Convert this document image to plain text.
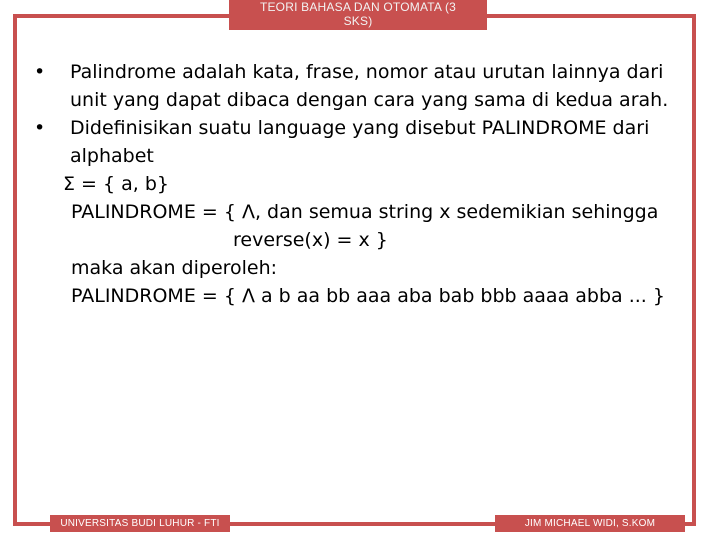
TEORI BAHASA DAN OTOMATA (3 SKS)
•	Palindrome adalah kata, frase, nomor atau urutan lainnya dari
unit yang dapat dibaca dengan cara yang sama di kedua arah.
•	Didefinisikan suatu language yang disebut PALINDROME dari
alphabet
Σ = { a, b}
PALINDROME = { Λ, dan semua string x sedemikian sehingga
reverse(x) = x }
maka akan diperoleh:
PALINDROME = { Λ a b aa bb aaa aba bab bbb aaaa abba ... }
UNIVERSITAS BUDI LUHUR - FTI	JIM MICHAEL WIDI, S.KOM
